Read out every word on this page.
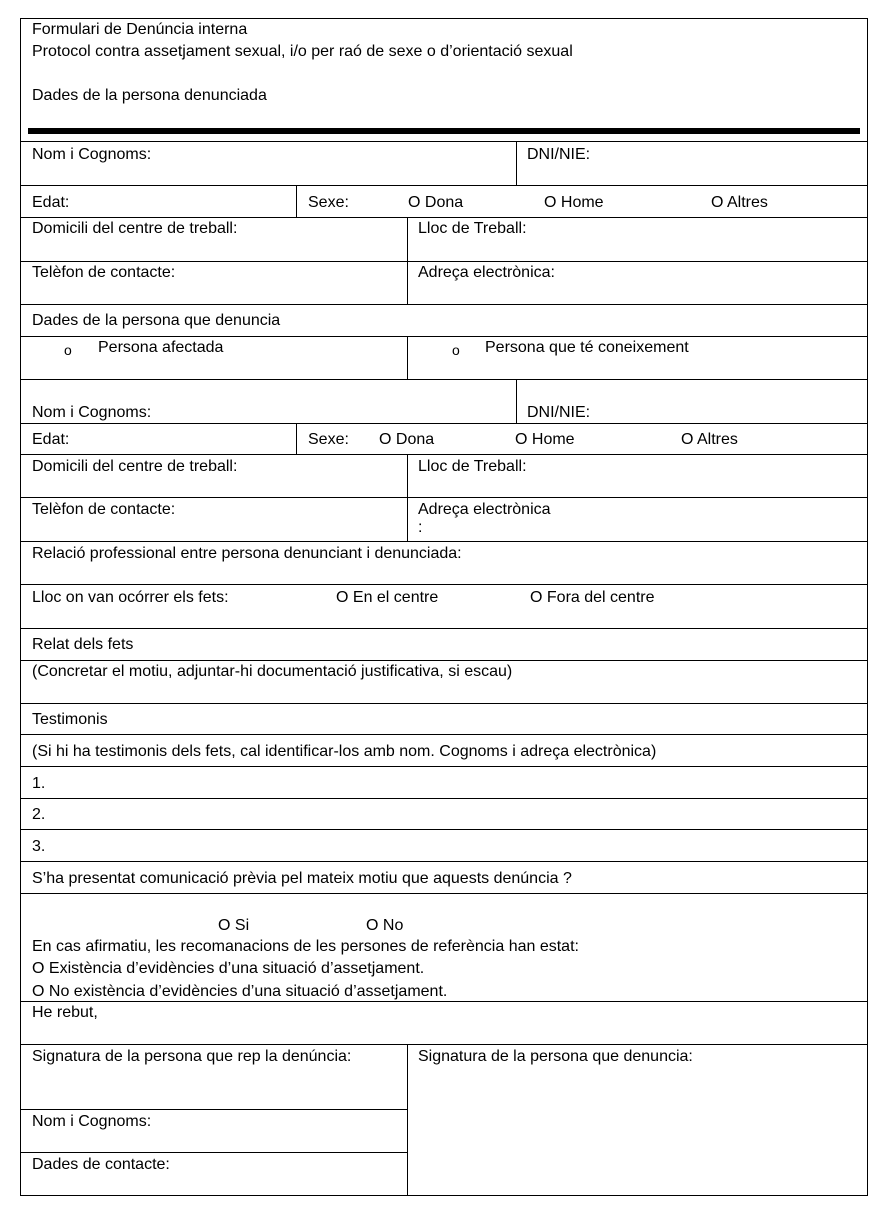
Formulari de Denúncia interna
Protocol contra assetjament sexual, i/o per raó de sexe o d’orientació sexual
Dades de la persona denunciada
Nom i Cognoms:	DNI/NIE:
Edat:	Sexe:	O Dona	O Home	O Altres
Domicili del centre de treball:	Lloc de Treball:
Telèfon de contacte:	Adreça electrònica:
Dades de la persona que denuncia
o Persona afectada	o Persona que té coneixement
Nom i Cognoms:	DNI/NIE:
Edat:	Sexe: O Dona	O Home	O Altres
Domicili del centre de treball:	Lloc de Treball:
Telèfon de contacte:	Adreça electrònica
:
Relació professional entre persona denunciant i denunciada:
Lloc on van ocórrer els fets:	O En el centre	O Fora del centre
Relat dels fets
(Concretar el motiu, adjuntar-hi documentació justificativa, si escau)
Testimonis
(Si hi ha testimonis dels fets, cal identificar-los amb nom. Cognoms i adreça electrònica)
1.
2.
3.
S’ha presentat comunicació prèvia pel mateix motiu que aquests denúncia ?
O Si	O No
En cas afirmatiu, les recomanacions de les persones de referència han estat:
O Existència d’evidències d’una situació d’assetjament.
O No existència d’evidències d’una situació d’assetjament.
He rebut,
Signatura de la persona que rep la denúncia:
Nom i Cognoms:
Dades de contacte:
Signatura de la persona que denuncia:
